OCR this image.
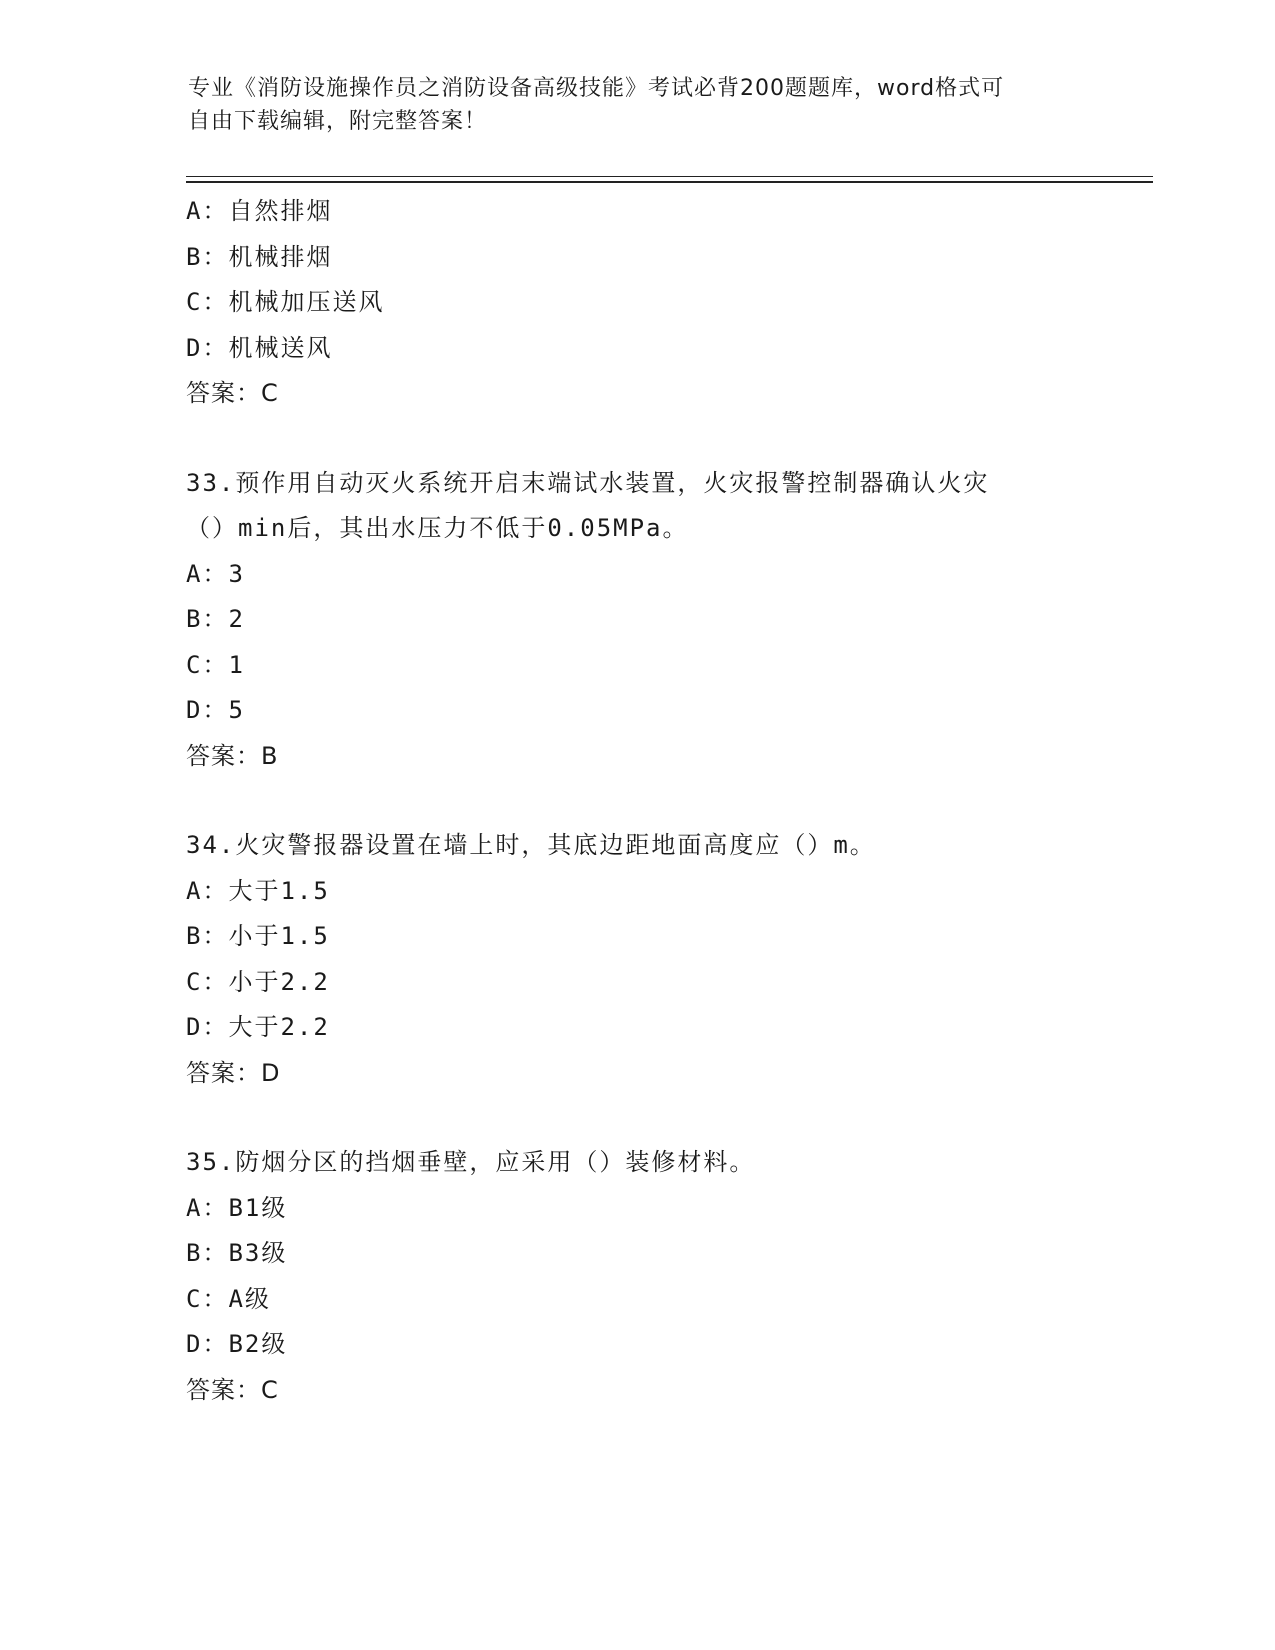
专业《消防设施操作员之消防设备高级技能》考试必背200题题库，word格式可
自由下载编辑，附完整答案！
A：自然排烟
B：机械排烟
C：机械加压送风
D：机械送风
答案：C
33.预作用自动灭火系统开启末端试水装置，火灾报警控制器确认火灾
（）min后，其出水压力不低于0.05MPa。
A：3
B：2
C：1
D：5
答案：B
34.火灾警报器设置在墙上时，其底边距地面高度应（）m。
A：大于1.5
B：小于1.5
C：小于2.2
D：大于2.2
答案：D
35.防烟分区的挡烟垂壁，应采用（）装修材料。
A：B1级
B：B3级
C：A级
D：B2级
答案：C
